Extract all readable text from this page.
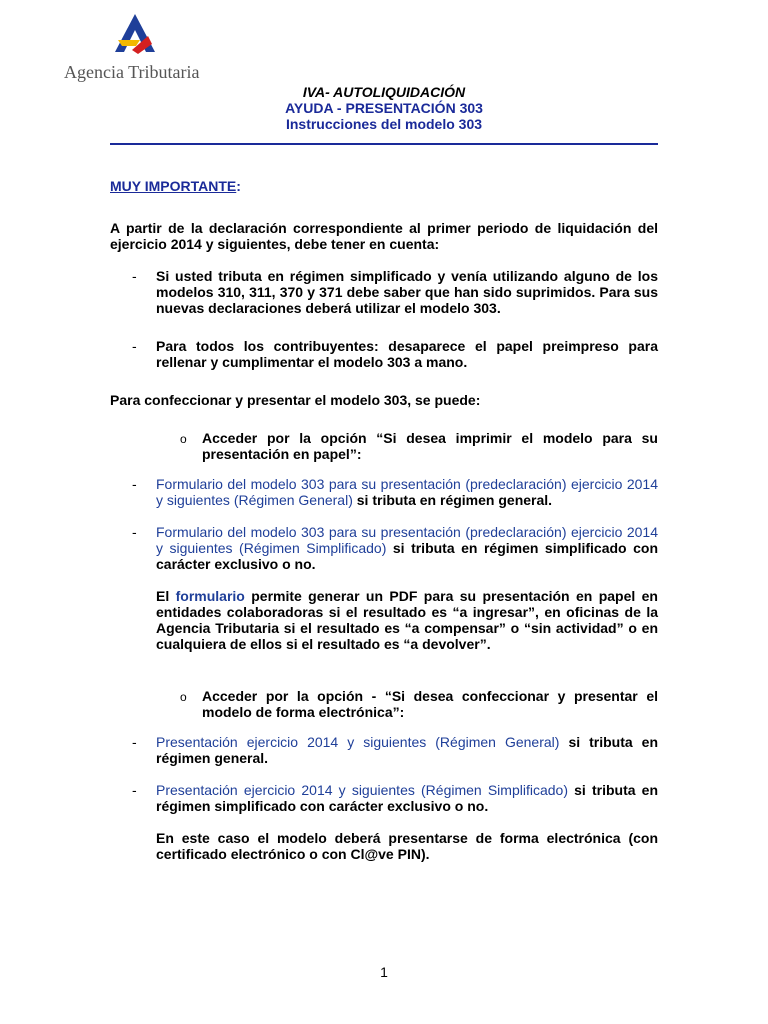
Agencia Tributaria
IVA- AUTOLIQUIDACIÓN
AYUDA - PRESENTACIÓN 303
Instrucciones del modelo 303
MUY IMPORTANTE:

A partir de la declaración correspondiente al primer periodo de liquidación del ejercicio 2014 y siguientes, debe tener en cuenta:

- Si usted tributa en régimen simplificado y venía utilizando alguno de los modelos 310, 311, 370 y 371 debe saber que han sido suprimidos. Para sus nuevas declaraciones deberá utilizar el modelo 303.

- Para todos los contribuyentes: desaparece el papel preimpreso para rellenar y cumplimentar el modelo 303 a mano.

Para confeccionar y presentar el modelo 303, se puede:

o Acceder por la opción “Si desea imprimir el modelo para su presentación en papel”:

- Formulario del modelo 303 para su presentación (predeclaración) ejercicio 2014 y siguientes (Régimen General) si tributa en régimen general.

- Formulario del modelo 303 para su presentación (predeclaración) ejercicio 2014 y siguientes (Régimen Simplificado) si tributa en régimen simplificado con carácter exclusivo o no.

El formulario permite generar un PDF para su presentación en papel en entidades colaboradoras si el resultado es “a ingresar”, en oficinas de la Agencia Tributaria si el resultado es “a compensar” o “sin actividad” o en cualquiera de ellos si el resultado es “a devolver”.

o Acceder por la opción - “Si desea confeccionar y presentar el modelo de forma electrónica”:

- Presentación ejercicio 2014 y siguientes (Régimen General) si tributa en régimen general.

- Presentación ejercicio 2014 y siguientes (Régimen Simplificado) si tributa en régimen simplificado con carácter exclusivo o no.

En este caso el modelo deberá presentarse de forma electrónica (con certificado electrónico o con Cl@ve PIN).

1
